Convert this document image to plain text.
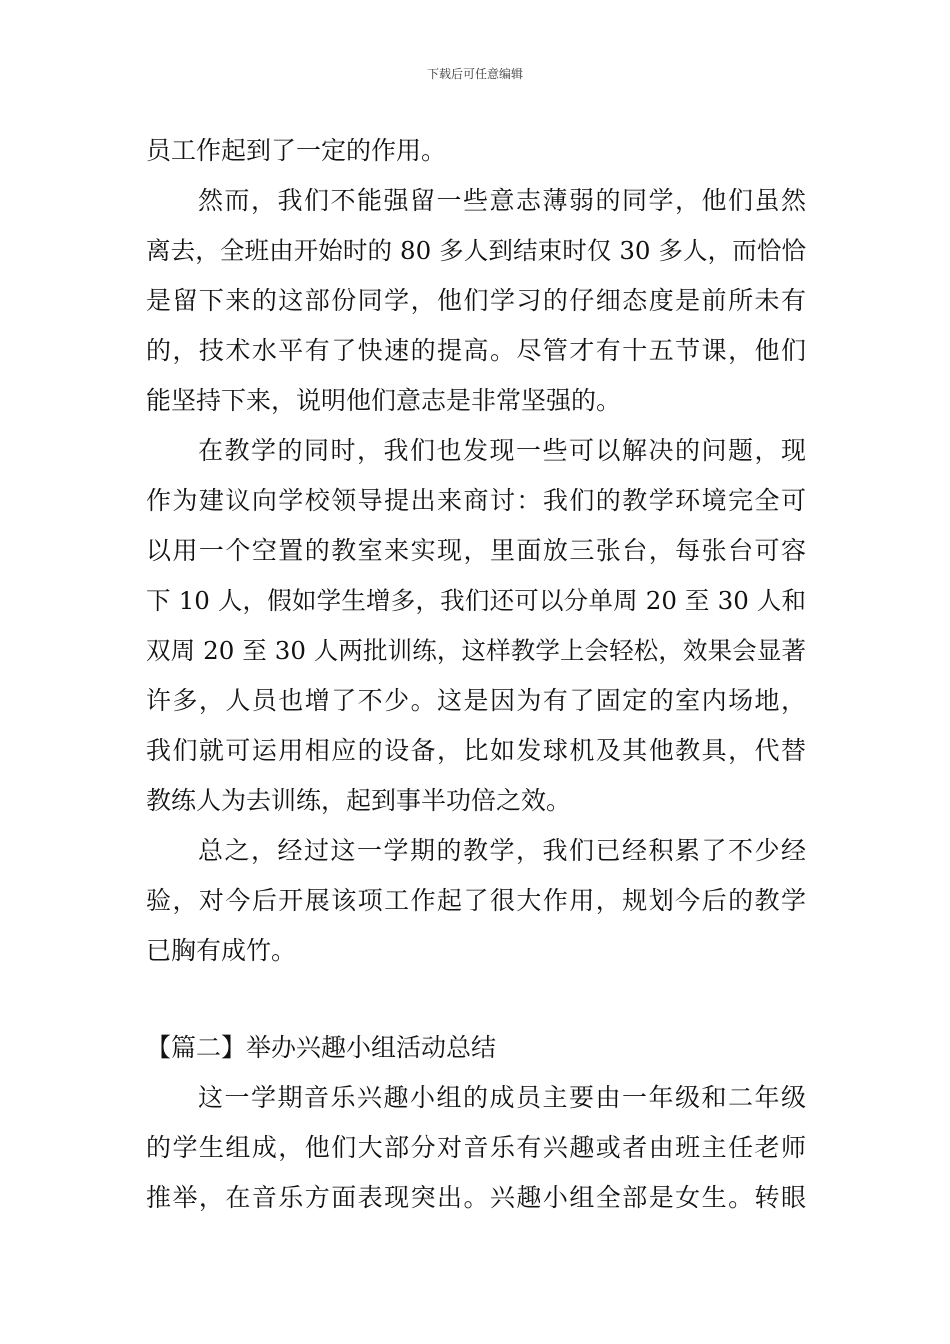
下载后可任意编辑
员工作起到了一定的作用。
然而，我们不能强留一些意志薄弱的同学，他们虽然
离去，全班由开始时的 80 多人到结束时仅 30 多人，而恰恰
是留下来的这部份同学，他们学习的仔细态度是前所未有
的，技术水平有了快速的提高。尽管才有十五节课，他们
能坚持下来，说明他们意志是非常坚强的。
在教学的同时，我们也发现一些可以解决的问题，现
作为建议向学校领导提出来商讨：我们的教学环境完全可
以用一个空置的教室来实现，里面放三张台，每张台可容
下 10 人，假如学生增多，我们还可以分单周 20 至 30 人和
双周 20 至 30 人两批训练，这样教学上会轻松，效果会显著
许多，人员也增了不少。这是因为有了固定的室内场地，
我们就可运用相应的设备，比如发球机及其他教具，代替
教练人为去训练，起到事半功倍之效。
总之，经过这一学期的教学，我们已经积累了不少经
验，对今后开展该项工作起了很大作用，规划今后的教学
已胸有成竹。
【篇二】举办兴趣小组活动总结
这一学期音乐兴趣小组的成员主要由一年级和二年级
的学生组成，他们大部分对音乐有兴趣或者由班主任老师
推举，在音乐方面表现突出。兴趣小组全部是女生。转眼
